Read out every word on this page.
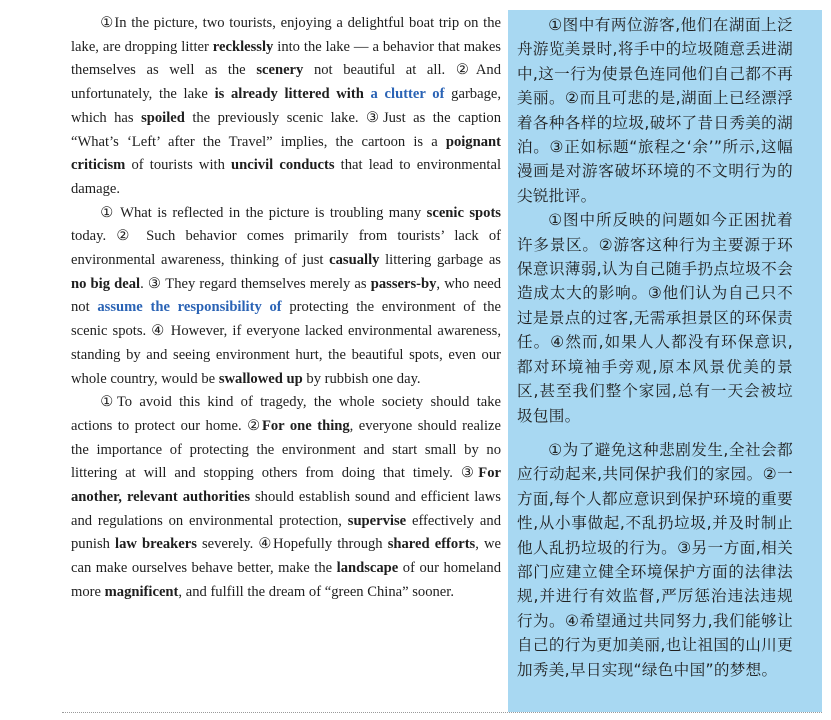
①In the picture, two tourists, enjoying a delightful boat trip on the lake, are dropping litter recklessly into the lake — a behavior that makes themselves as well as the scenery not beautiful at all. ②And unfortunately, the lake is already littered with a clutter of garbage, which has spoiled the previously scenic lake. ③Just as the caption “What’s ‘Left’ after the Travel” implies, the cartoon is a poignant criticism of tourists with uncivil conducts that lead to environmental damage.

① What is reflected in the picture is troubling many scenic spots today. ② Such behavior comes primarily from tourists’ lack of environmental awareness, thinking of just casually littering garbage as no big deal. ③ They regard themselves merely as passers-by, who need not assume the responsibility of protecting the environment of the scenic spots. ④ However, if everyone lacked environmental awareness, standing by and seeing environment hurt, the beautiful spots, even our whole country, would be swallowed up by rubbish one day.

①To avoid this kind of tragedy, the whole society should take actions to protect our home. ②For one thing, everyone should realize the importance of protecting the environment and start small by no littering at will and stopping others from doing that timely. ③For another, relevant authorities should establish sound and efficient laws and regulations on environmental protection, supervise effectively and punish law breakers severely. ④Hopefully through shared efforts, we can make ourselves behave better, make the landscape of our homeland more magnificent, and fulfill the dream of “green China” sooner.

①图中有两位游客,他们在湖面上泛舟游览美景时,将手中的垃圾随意丢进湖中,这一行为使景色连同他们自己都不再美丽。②而且可悲的是,湖面上已经漂浮着各种各样的垃圾,破坏了昔日秀美的湖泊。③正如标题“旅程之‘余’”所示,这幅漫画是对游客破坏环境的不文明行为的尖锐批评。

①图中所反映的问题如今正困扰着许多景区。②游客这种行为主要源于环保意识薄弱,认为自己随手扔点垃圾不会造成太大的影响。③他们认为自己只不过是景点的过客,无需承担景区的环保责任。④然而,如果人人都没有环保意识,都对环境袖手旁观,原本风景优美的景区,甚至我们整个家园,总有一天会被垃圾包围。

①为了避免这种悲剧发生,全社会都应行动起来,共同保护我们的家园。②一方面,每个人都应意识到保护环境的重要性,从小事做起,不乱扔垃圾,并及时制止他人乱扔垃圾的行为。③另一方面,相关部门应建立健全环境保护方面的法律法规,并进行有效监督,严厉惩治违法违规行为。④希望通过共同努力,我们能够让自己的行为更加美丽,也让祖国的山川更加秀美,早日实现“绿色中国”的梦想。
